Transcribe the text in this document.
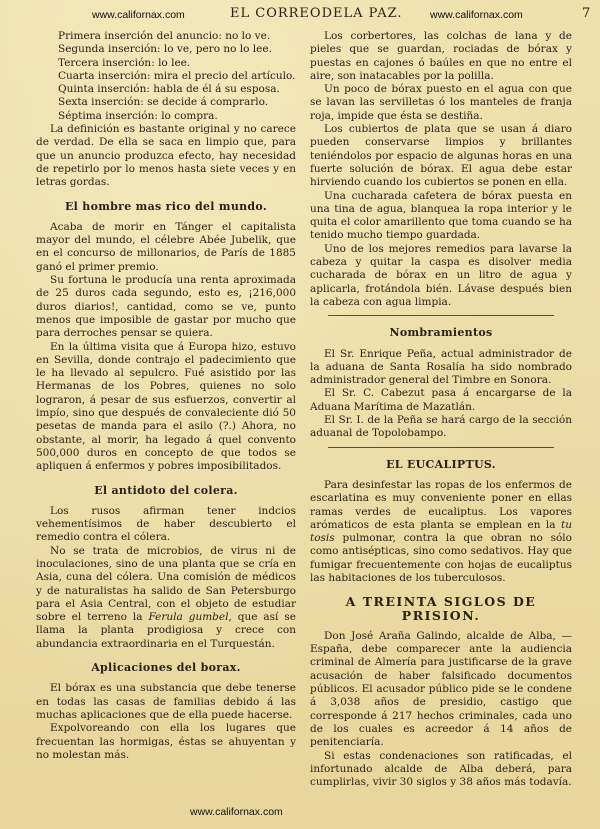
www.californax.com	EL CORREODELA PAZ.	www.californax.com	7

Primera inserción del anuncio: no lo ve.

Segunda inserción: lo ve, pero no lo lee.

Tercera inserción: lo lee.

Cuarta inserción: mira el precio del artículo.

Quinta inserción: habla de él á su esposa.

Sexta inserción: se decide á comprarlo.

Séptima inserción: lo compra.

La definición es bastante original y no carece de verdad. De ella se saca en limpio que, para que un anuncio produzca efecto, hay necesidad de repetirlo por lo menos hasta siete veces y en letras gordas.

El hombre mas rico del mundo.

Acaba de morir en Tánger el capitalista mayor del mundo, el célebre Abée Jubelik, que en el concurso de millonarios, de París de 1885 ganó el primer premio.

Su fortuna le producía una renta aproximada de 25 duros cada segundo, esto es, ¡216,000 duros diarios!, cantidad, como se ve, punto menos que imposible de gastar por mucho que para derroches pensar se quiera.

En la última visita que á Europa hizo, estuvo en Sevilla, donde contrajo el padecimiento que le ha llevado al sepulcro. Fué asistido por las Hermanas de los Pobres, quienes no solo lograron, á pesar de sus esfuerzos, convertir al impío, sino que después de convaleciente dió 50 pesetas de manda para el asilo (?.) Ahora, no obstante, al morir, ha legado á quel convento 500,000 duros en concepto de que todos se apliquen á enfermos y pobres imposibilitados.

El antidoto del colera.

Los rusos afirman tener indcios vehementísimos de haber descubierto el remedio contra el cólera.

No se trata de microbios, de virus ni de inoculaciones, sino de una planta que se cría en Asia, cuna del cólera. Una comisión de médicos y de naturalistas ha salido de San Petersburgo para el Asia Central, con el objeto de estudiar sobre el terreno la Ferula gumbel, que así se llama la planta prodigiosa y crece con abundancia extraordinaria en el Turquestán.

Aplicaciones del borax.

El bórax es una substancia que debe tenerse en todas las casas de familias debido á las muchas aplicaciones que de ella puede hacerse.

Expolvoreando con ella los lugares que frecuentan las hormigas, éstas se ahuyentan y no molestan más.

Los corbertores, las colchas de lana y de pieles que se guardan, rociadas de bórax y puestas en cajones ó baúles en que no entre el aire, son inatacables por la polilla.

Un poco de bórax puesto en el agua con que se lavan las servilletas ó los manteles de franja roja, impide que ésta se destiña.

Los cubiertos de plata que se usan á diaro pueden conservarse limpios y brillantes teniéndolos por espacio de algunas horas en una fuerte solución de bórax. El agua debe estar hirviendo cuando los cubiertos se ponen en ella.

Una cucharada cafetera de bórax puesta en una tina de agua, blanquea la ropa interior y le quita el color amarillento que toma cuando se ha tenido mucho tiempo guardada.

Uno de los mejores remedios para lavarse la cabeza y quitar la caspa es disolver media cucharada de bórax en un litro de agua y aplicarla, frotándola bién. Lávase después bien la cabeza con agua limpia.

Nombramientos

El Sr. Enrique Peña, actual administrador de la aduana de Santa Rosalía ha sido nombrado administrador general del Timbre en Sonora.

El Sr. C. Cabezut pasa á encargarse de la Aduana Marítima de Mazatlán.

El Sr. I. de la Peña se hará cargo de la sección aduanal de Topolobampo.

EL EUCALIPTUS.

Para desinfestar las ropas de los enfermos de escarlatina es muy conveniente poner en ellas ramas verdes de eucaliptus. Los vapores arómaticos de esta planta se emplean en la tu tosis pulmonar, contra la que obran no sólo como antisépticas, sino como sedativos. Hay que fumigar frecuentemente con hojas de eucaliptus las habitaciones de los tuberculosos.

A TREINTA SIGLOS DE PRISION.

Don José Araña Galindo, alcalde de Alba, —España, debe comparecer ante la audiencia criminal de Almería para justificarse de la grave acusación de haber falsificado documentos públicos. El acusador público pide se le condene á 3,038 años de presidio, castigo que corresponde á 217 hechos criminales, cada uno de los cuales es acreedor á 14 años de penitenciaría.

Si estas condenaciones son ratificadas, el infortunado alcalde de Alba deberá, para cumplirlas, vivir 30 siglos y 38 años más todavía.

www.californax.com
